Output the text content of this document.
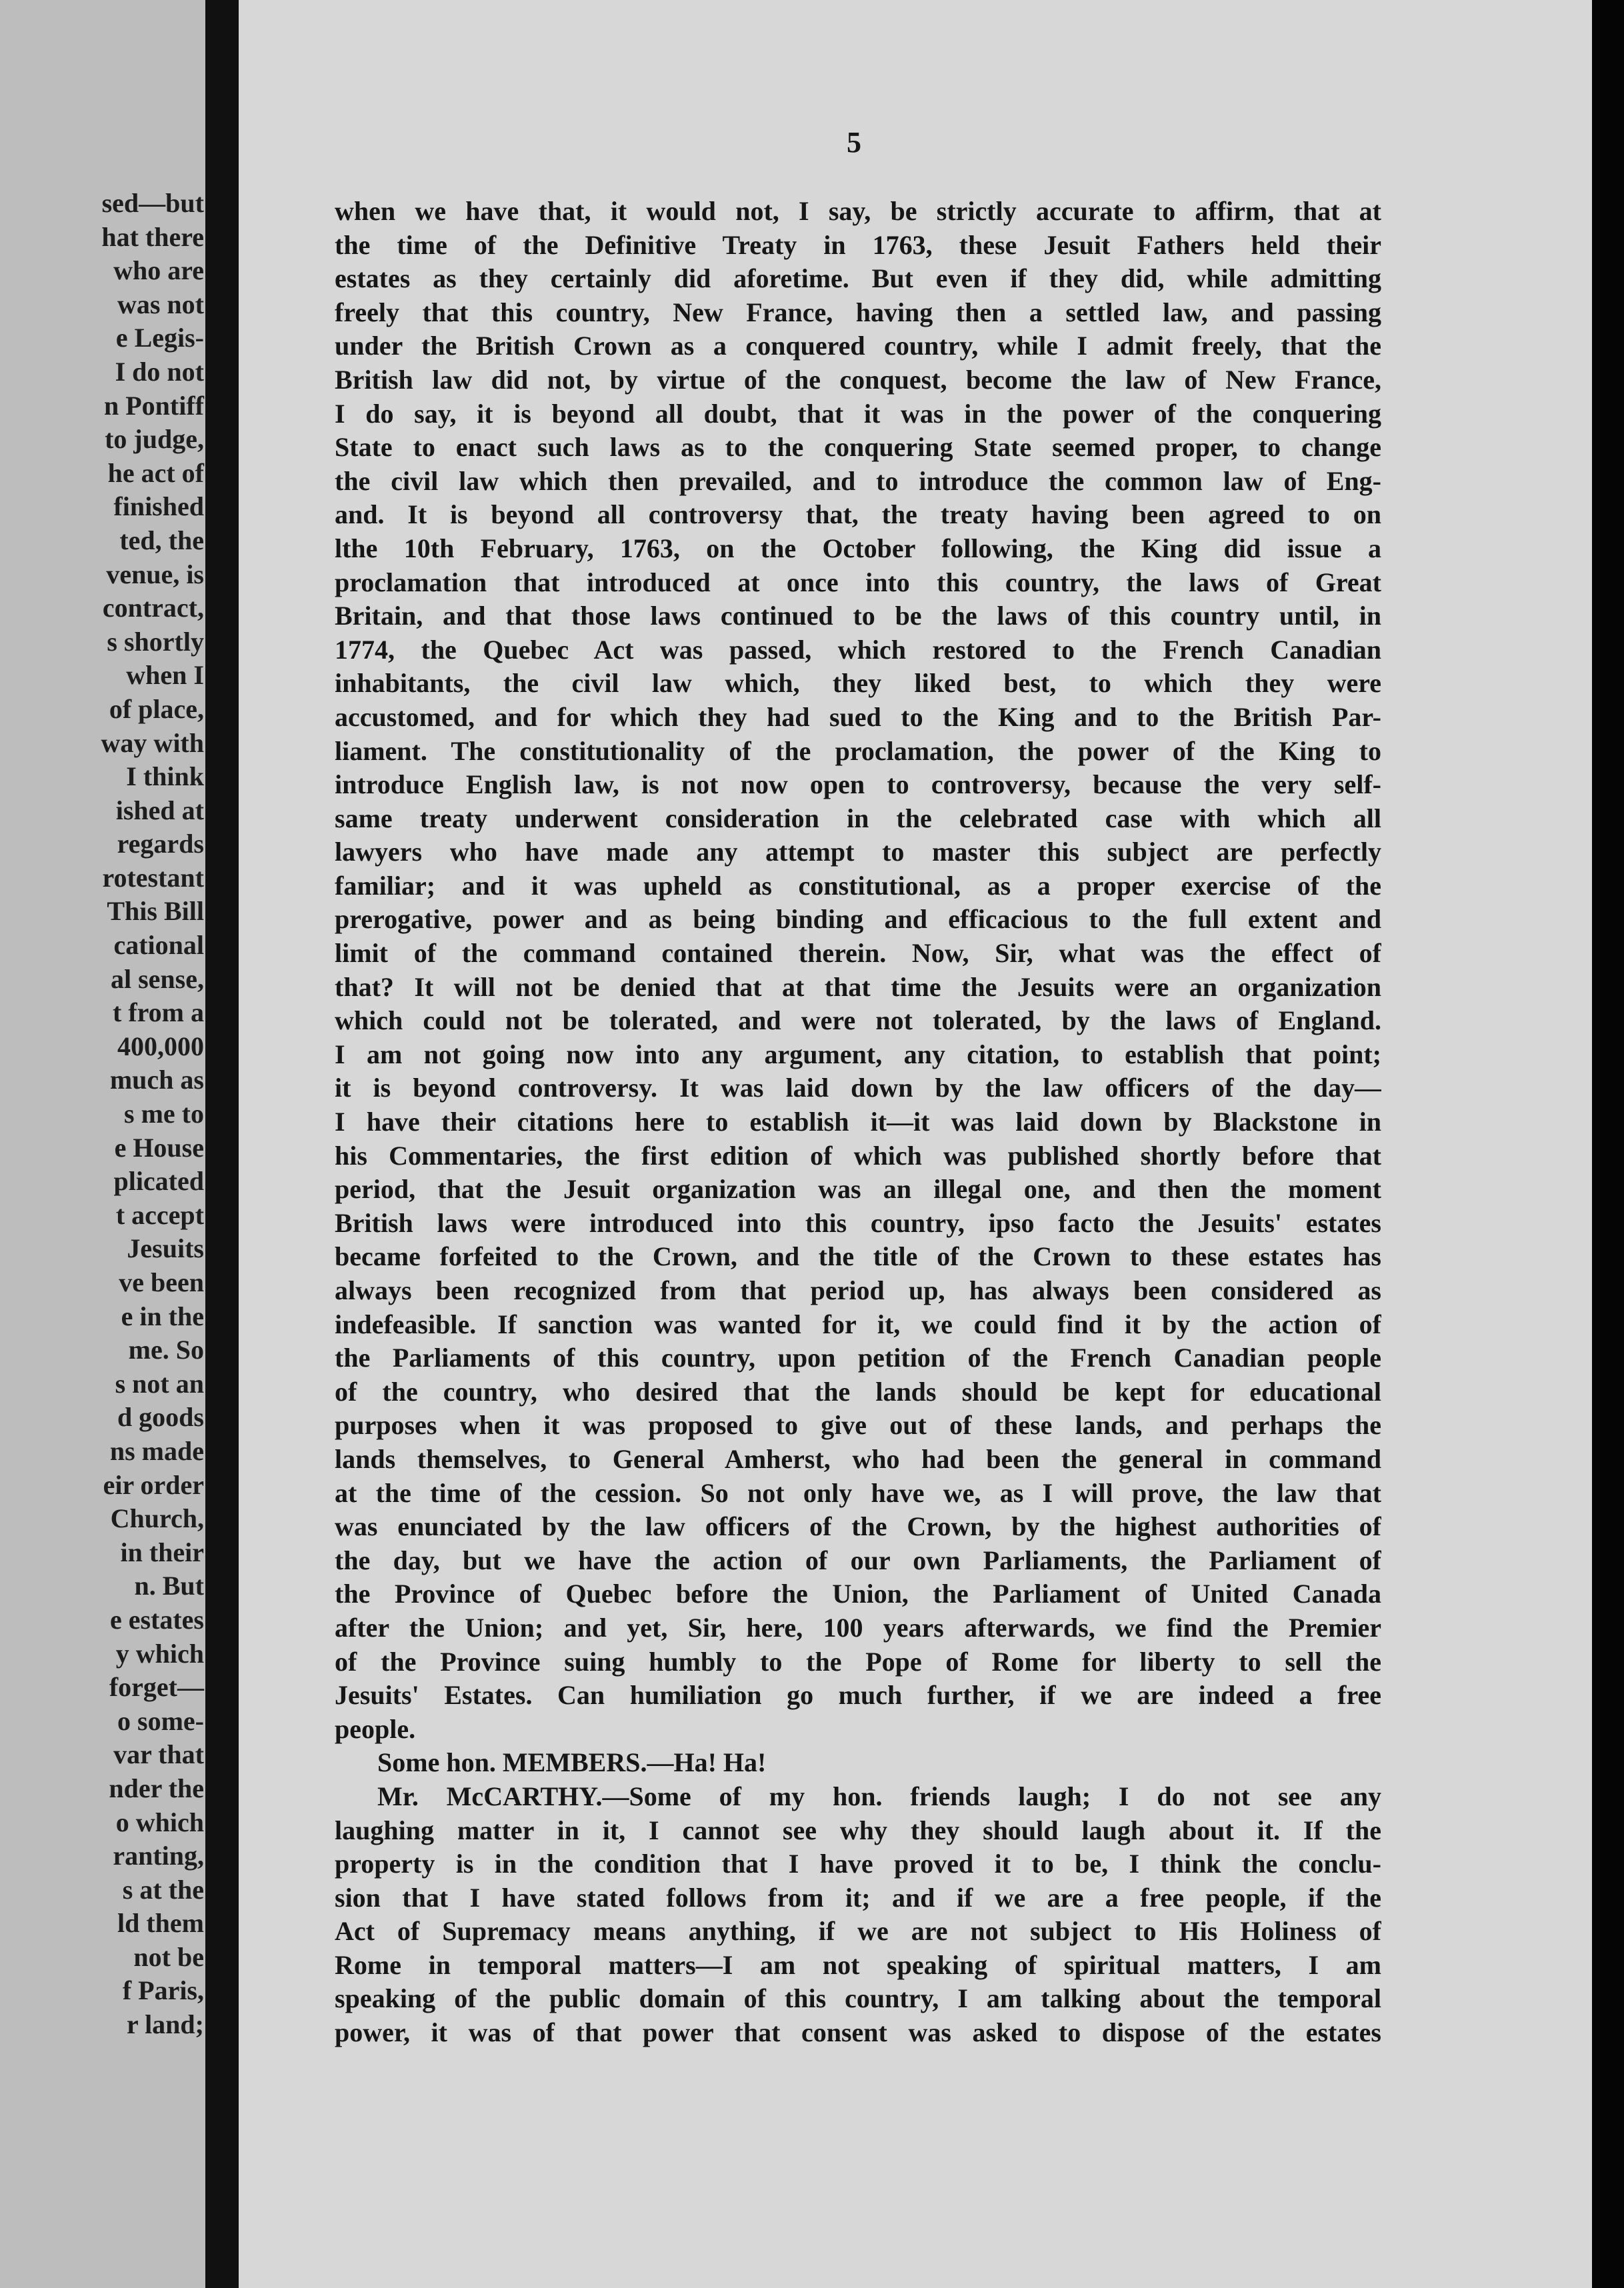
sed—but
hat there
who are
was not
e Legis-
I do not
n Pontiff
to judge,
he act of
finished
ted, the
venue, is
contract,
s shortly
when I
of place,
way with
I think
ished at
regards
rotestant
This Bill
cational
al sense,
t from a
400,000
much as
s me to
e House
plicated
t accept
Jesuits
ve been
e in the
me. So
s not an
d goods
ns made
eir order
Church,
in their
n. But
e estates
y which
forget—
o some-
var that
nder the
o which
ranting,
s at the
ld them
not be
f Paris,
r land;
5
when we have that, it would not, I say, be strictly accurate to affirm, that at
the time of the Definitive Treaty in 1763, these Jesuit Fathers held their
estates as they certainly did aforetime. But even if they did, while admitting
freely that this country, New France, having then a settled law, and passing
under the British Crown as a conquered country, while I admit freely, that the
British law did not, by virtue of the conquest, become the law of New France,
I do say, it is beyond all doubt, that it was in the power of the conquering
State to enact such laws as to the conquering State seemed proper, to change
the civil law which then prevailed, and to introduce the common law of Eng-
and. It is beyond all controversy that, the treaty having been agreed to on
lthe 10th February, 1763, on the October following, the King did issue a
proclamation that introduced at once into this country, the laws of Great
Britain, and that those laws continued to be the laws of this country until, in
1774, the Quebec Act was passed, which restored to the French Canadian
inhabitants, the civil law which, they liked best, to which they were
accustomed, and for which they had sued to the King and to the British Par-
liament. The constitutionality of the proclamation, the power of the King to
introduce English law, is not now open to controversy, because the very self-
same treaty underwent consideration in the celebrated case with which all
lawyers who have made any attempt to master this subject are perfectly
familiar; and it was upheld as constitutional, as a proper exercise of the
prerogative, power and as being binding and efficacious to the full extent and
limit of the command contained therein. Now, Sir, what was the effect of
that? It will not be denied that at that time the Jesuits were an organization
which could not be tolerated, and were not tolerated, by the laws of England.
I am not going now into any argument, any citation, to establish that point;
it is beyond controversy. It was laid down by the law officers of the day—
I have their citations here to establish it—it was laid down by Blackstone in
his Commentaries, the first edition of which was published shortly before that
period, that the Jesuit organization was an illegal one, and then the moment
British laws were introduced into this country, ipso facto the Jesuits' estates
became forfeited to the Crown, and the title of the Crown to these estates has
always been recognized from that period up, has always been considered as
indefeasible. If sanction was wanted for it, we could find it by the action of
the Parliaments of this country, upon petition of the French Canadian people
of the country, who desired that the lands should be kept for educational
purposes when it was proposed to give out of these lands, and perhaps the
lands themselves, to General Amherst, who had been the general in command
at the time of the cession. So not only have we, as I will prove, the law that
was enunciated by the law officers of the Crown, by the highest authorities of
the day, but we have the action of our own Parliaments, the Parliament of
the Province of Quebec before the Union, the Parliament of United Canada
after the Union; and yet, Sir, here, 100 years afterwards, we find the Premier
of the Province suing humbly to the Pope of Rome for liberty to sell the
Jesuits' Estates. Can humiliation go much further, if we are indeed a free
people.
Some hon. MEMBERS.—Ha! Ha!
Mr. McCARTHY.—Some of my hon. friends laugh; I do not see any
laughing matter in it, I cannot see why they should laugh about it. If the
property is in the condition that I have proved it to be, I think the conclu-
sion that I have stated follows from it; and if we are a free people, if the
Act of Supremacy means anything, if we are not subject to His Holiness of
Rome in temporal matters—I am not speaking of spiritual matters, I am
speaking of the public domain of this country, I am talking about the temporal
power, it was of that power that consent was asked to dispose of the estates
